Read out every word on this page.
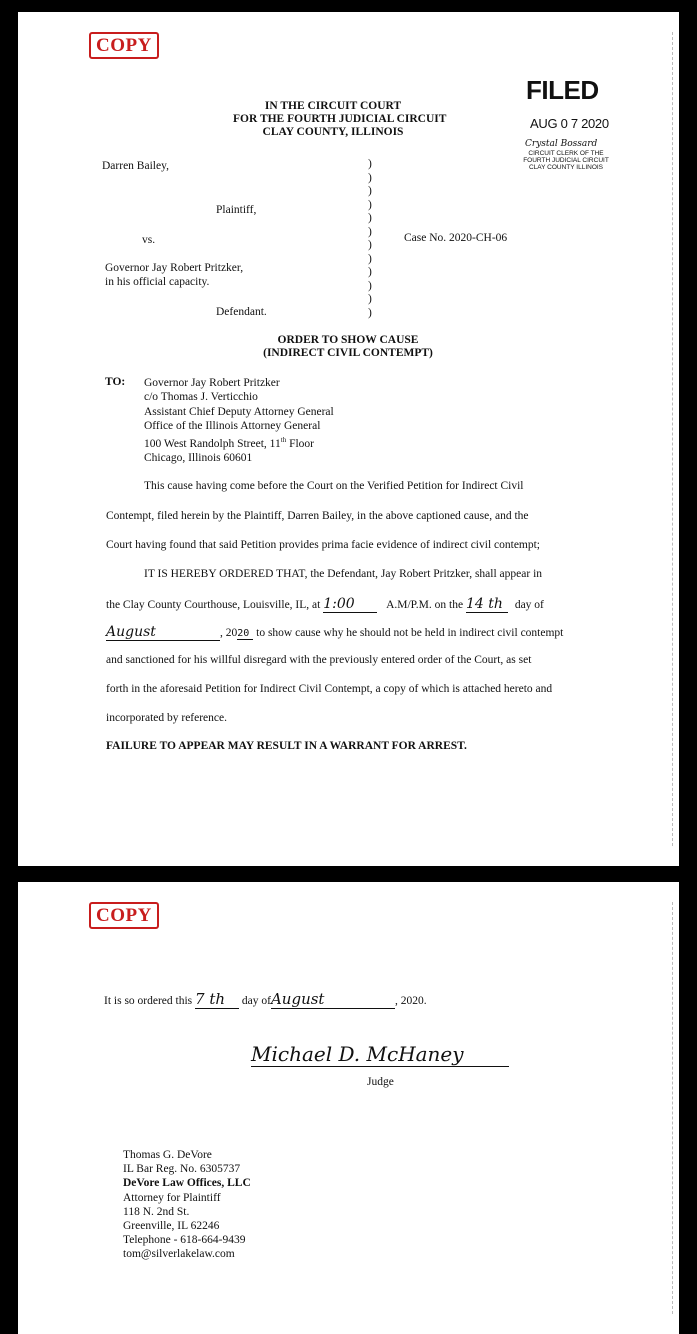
COPY
IN THE CIRCUIT COURT
FOR THE FOURTH JUDICIAL CIRCUIT
CLAY COUNTY, ILLINOIS
FILED
AUG 0 7 2020
Crystal Bossard
CIRCUIT CLERK OF THE
FOURTH JUDICIAL CIRCUIT
CLAY COUNTY ILLINOIS
Darren Bailey,
Plaintiff,
vs.
Governor Jay Robert Pritzker,
in his official capacity.
Defendant.
Case No. 2020-CH-06
)
)
)
)
)
)
)
)
)
)
)
)
ORDER TO SHOW CAUSE
(INDIRECT CIVIL CONTEMPT)
TO: Governor Jay Robert Pritzker
c/o Thomas J. Verticchio
Assistant Chief Deputy Attorney General
Office of the Illinois Attorney General
100 West Randolph Street, 11th Floor
Chicago, Illinois 60601
This cause having come before the Court on the Verified Petition for Indirect Civil
Contempt, filed herein by the Plaintiff, Darren Bailey, in the above captioned cause, and the
Court having found that said Petition provides prima facie evidence of indirect civil contempt;
IT IS HEREBY ORDERED THAT, the Defendant, Jay Robert Pritzker, shall appear in
the Clay County Courthouse, Louisville, IL, at 1:00	A.M/P.M. on the 14 th day of
August	, 2020 to show cause why he should not be held in indirect civil contempt
and sanctioned for his willful disregard with the previously entered order of the Court, as set
forth in the aforesaid Petition for Indirect Civil Contempt, a copy of which is attached hereto and
incorporated by reference.
FAILURE TO APPEAR MAY RESULT IN A WARRANT FOR ARREST.
COPY
It is so ordered this 7 th day ofAugust	, 2020.
Michael D. McHaney
Judge
Thomas G. DeVore
IL Bar Reg. No. 6305737
DeVore Law Offices, LLC
Attorney for Plaintiff
118 N. 2nd St.
Greenville, IL 62246
Telephone - 618-664-9439
tom@silverlakelaw.com
